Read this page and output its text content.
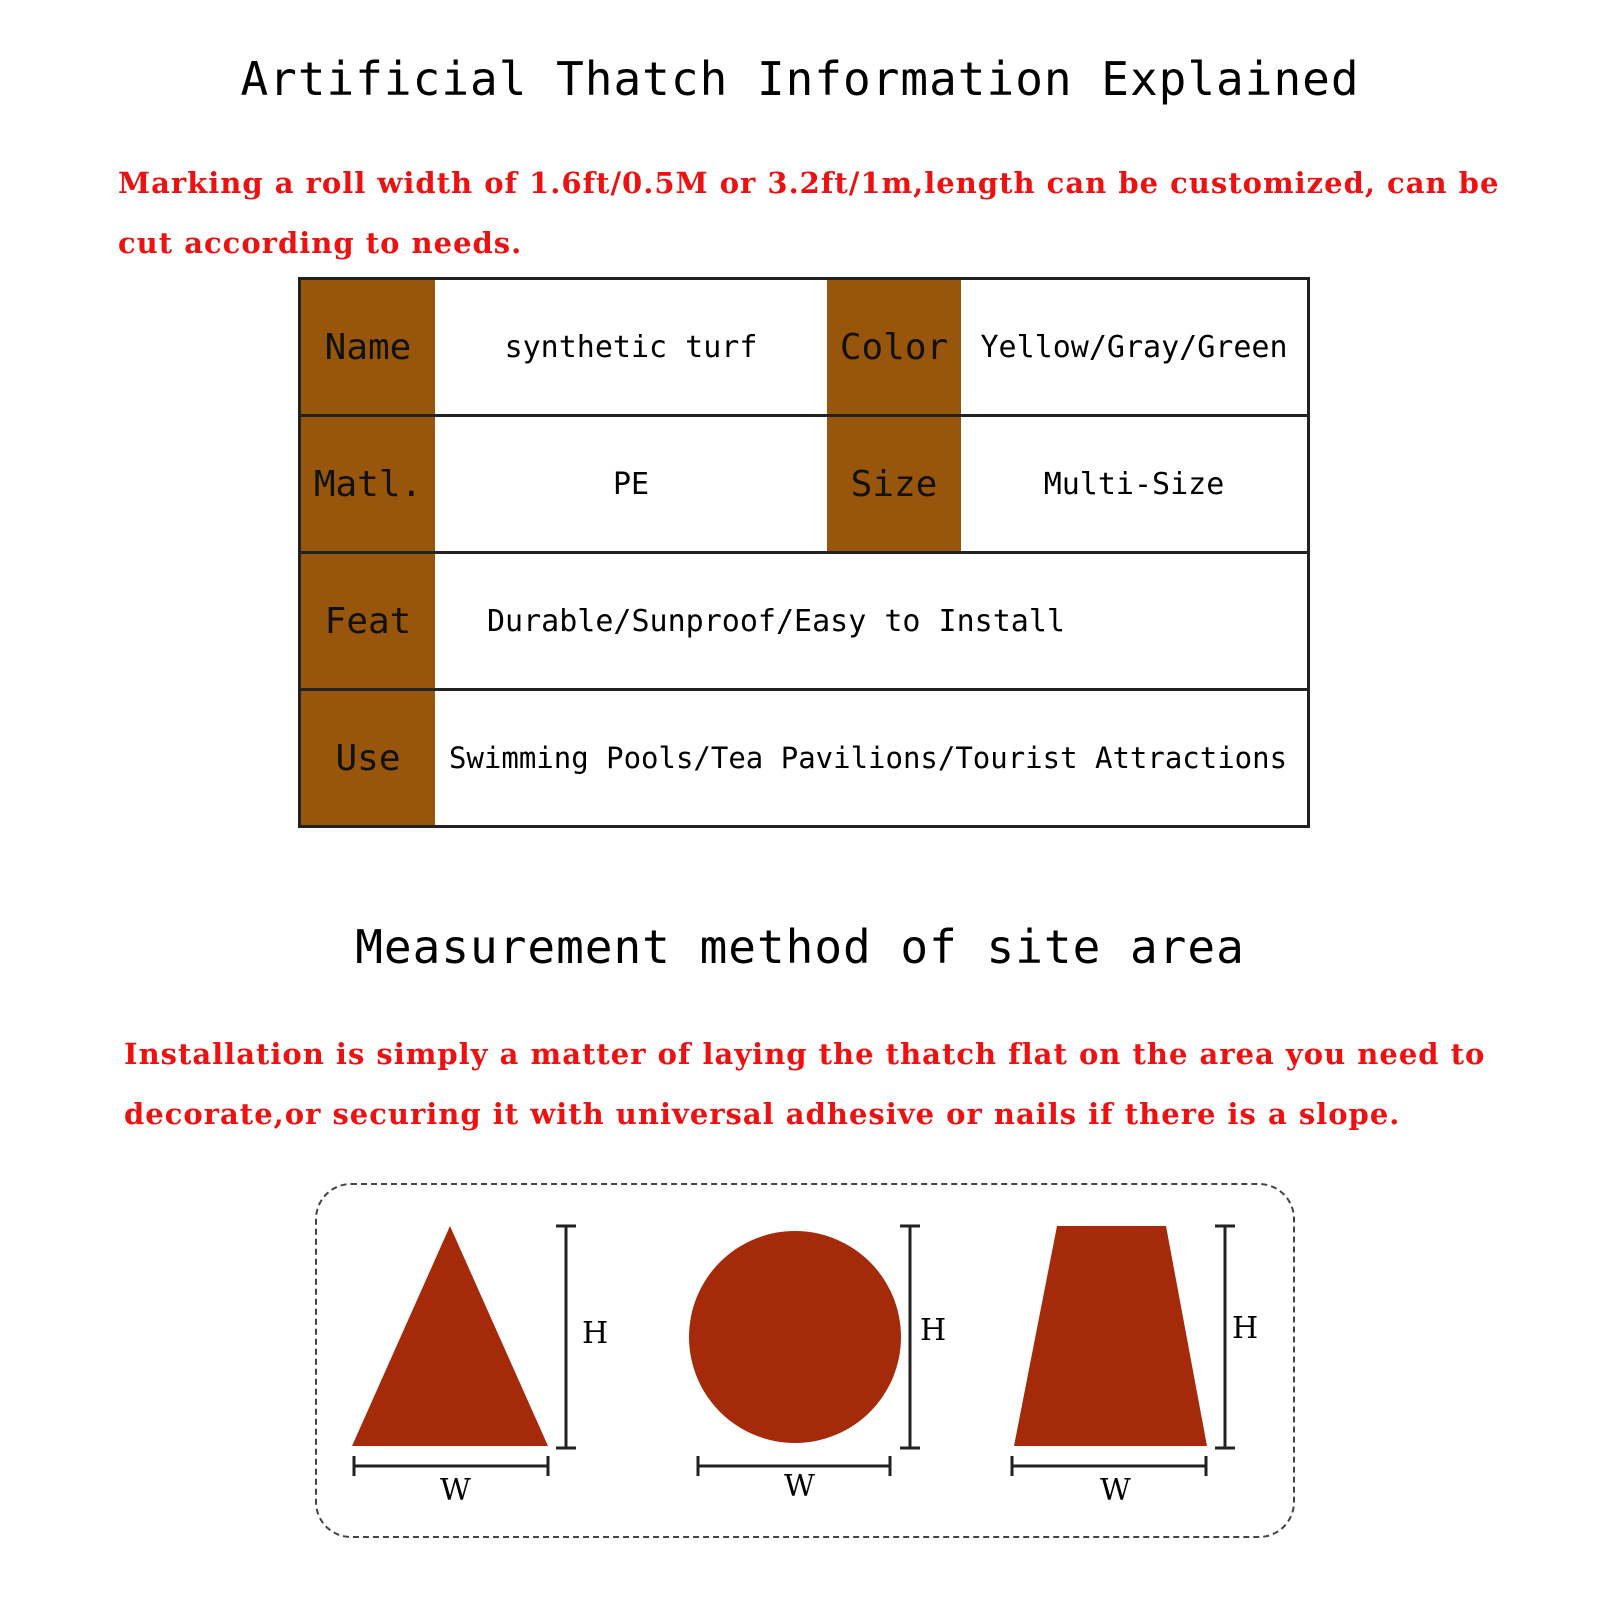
Artificial Thatch Information Explained
Marking a roll width of 1.6ft/0.5M or 3.2ft/1m,length can be customized, can be cut according to needs.
Name	synthetic turf	Color	Yellow/Gray/Green
Matl.	PE	Size	Multi-Size
Feat	Durable/Sunproof/Easy to Install		
Use	Swimming Pools/Tea Pavilions/Tourist Attractions		
Measurement method of site area
Installation is simply a matter of laying the thatch flat on the area you need to decorate,or securing it with universal adhesive or nails if there is a slope.
H
W
H
W
H
W
